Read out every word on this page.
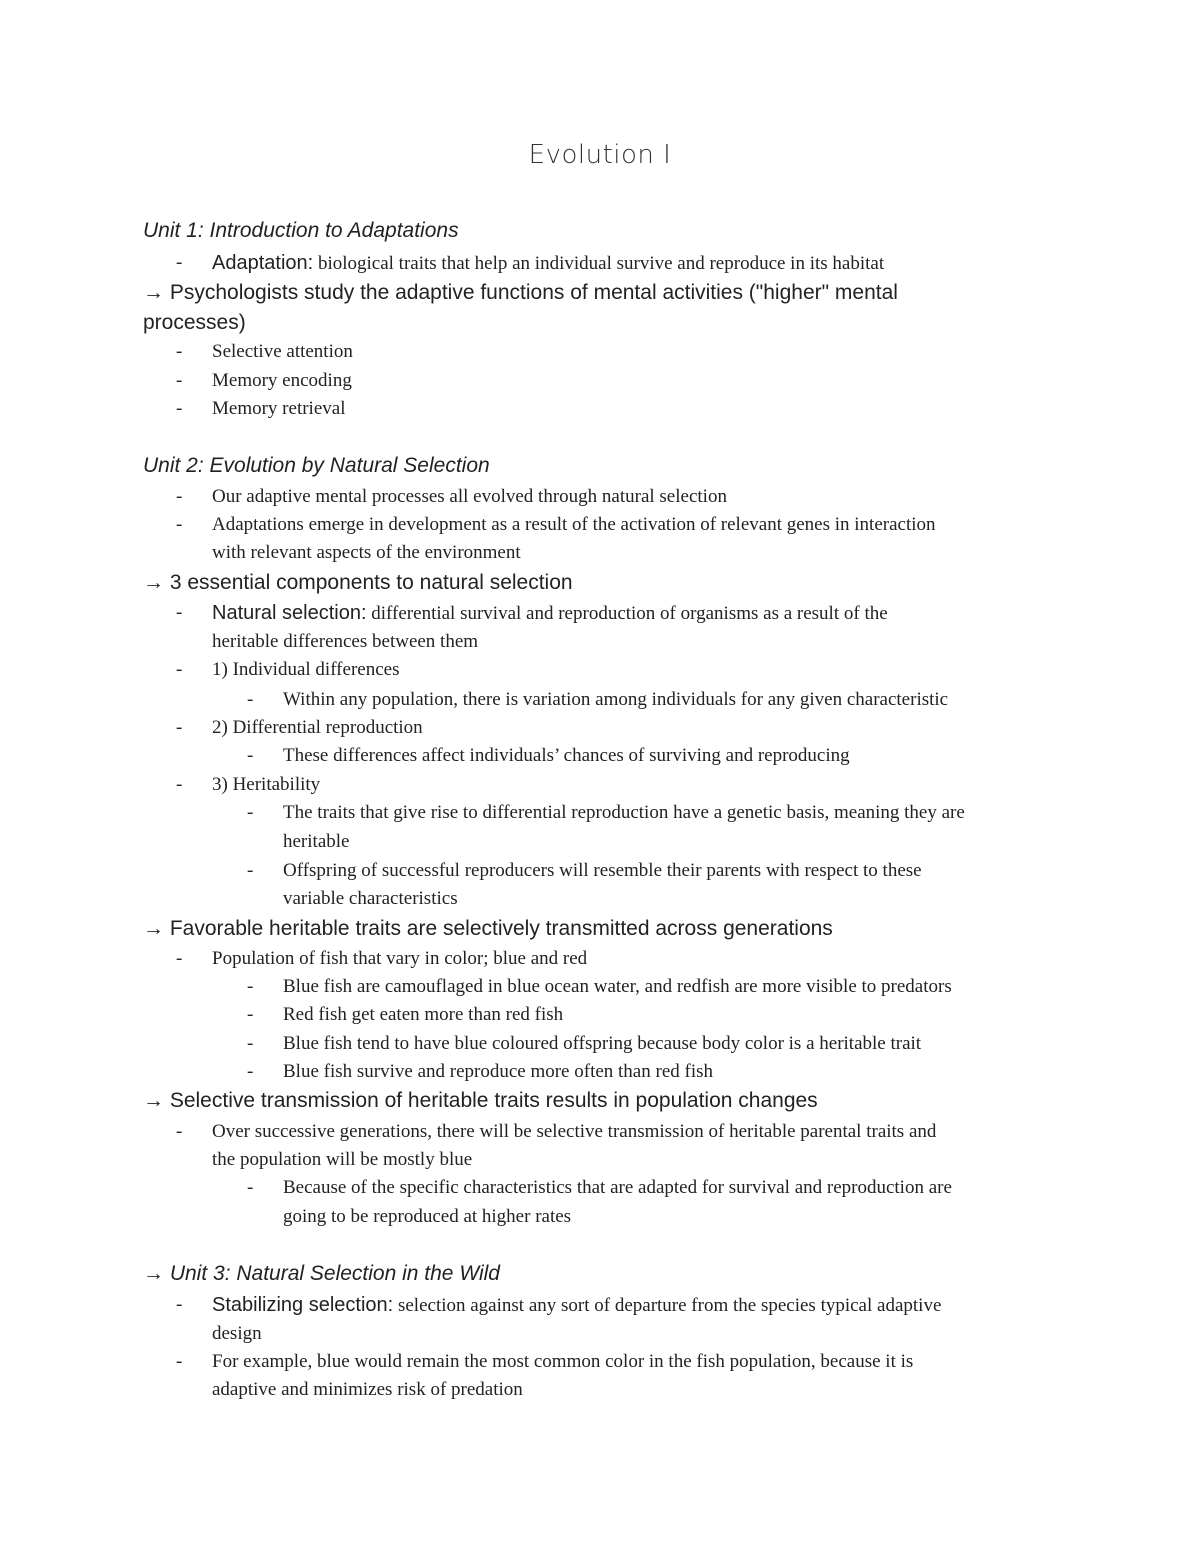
Evolution I
Unit 1: Introduction to Adaptations
- Adaptation: biological traits that help an individual survive and reproduce in its habitat
→ Psychologists study the adaptive functions of mental activities ("higher" mental
processes)
- Selective attention
- Memory encoding
- Memory retrieval
Unit 2: Evolution by Natural Selection
- Our adaptive mental processes all evolved through natural selection
- Adaptations emerge in development as a result of the activation of relevant genes in interaction
with relevant aspects of the environment
→ 3 essential components to natural selection
- Natural selection: differential survival and reproduction of organisms as a result of the
heritable differences between them
- 1) Individual differences
- Within any population, there is variation among individuals for any given characteristic
- 2) Differential reproduction
- These differences affect individuals’ chances of surviving and reproducing
- 3) Heritability
- The traits that give rise to differential reproduction have a genetic basis, meaning they are
heritable
- Offspring of successful reproducers will resemble their parents with respect to these
variable characteristics
→ Favorable heritable traits are selectively transmitted across generations
- Population of fish that vary in color; blue and red
- Blue fish are camouflaged in blue ocean water, and redfish are more visible to predators
- Red fish get eaten more than red fish
- Blue fish tend to have blue coloured offspring because body color is a heritable trait
- Blue fish survive and reproduce more often than red fish
→ Selective transmission of heritable traits results in population changes
- Over successive generations, there will be selective transmission of heritable parental traits and
the population will be mostly blue
- Because of the specific characteristics that are adapted for survival and reproduction are
going to be reproduced at higher rates
→ Unit 3: Natural Selection in the Wild
- Stabilizing selection: selection against any sort of departure from the species typical adaptive
design
- For example, blue would remain the most common color in the fish population, because it is
adaptive and minimizes risk of predation
